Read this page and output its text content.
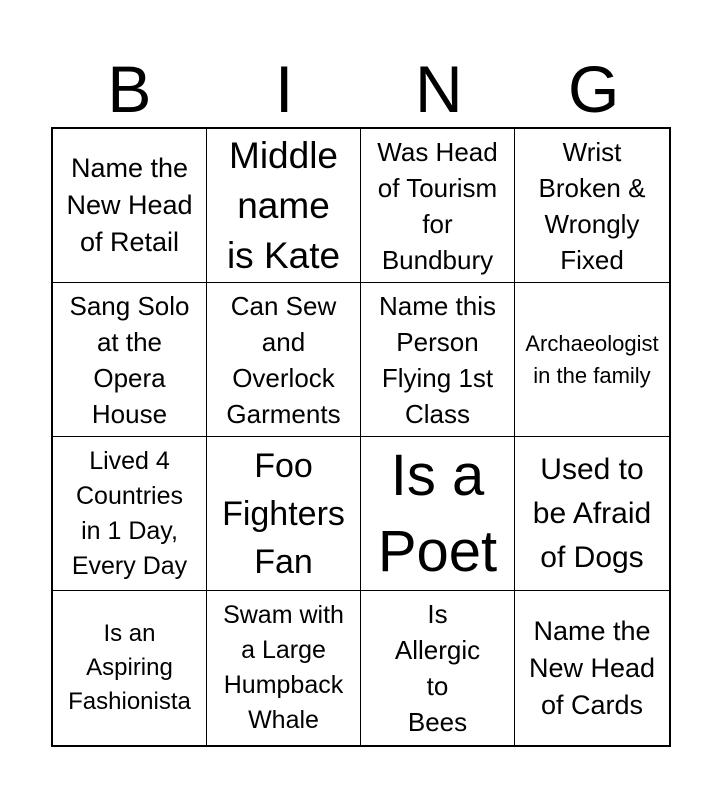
B	I	N	G
Name the
New Head
of Retail
Middle
name
is Kate
Was Head
of Tourism
for
Bundbury
Wrist
Broken &
Wrongly
Fixed
Sang Solo
at the
Opera
House
Can Sew
and
Overlock
Garments
Name this
Person
Flying 1st
Class
Archaeologist
in the family
Lived 4
Countries
in 1 Day,
Every Day
Foo
Fighters
Fan
Is a
Poet
Used to
be Afraid
of Dogs
Is an
Aspiring
Fashionista
Swam with
a Large
Humpback
Whale
Is
Allergic
to
Bees
Name the
New Head
of Cards
